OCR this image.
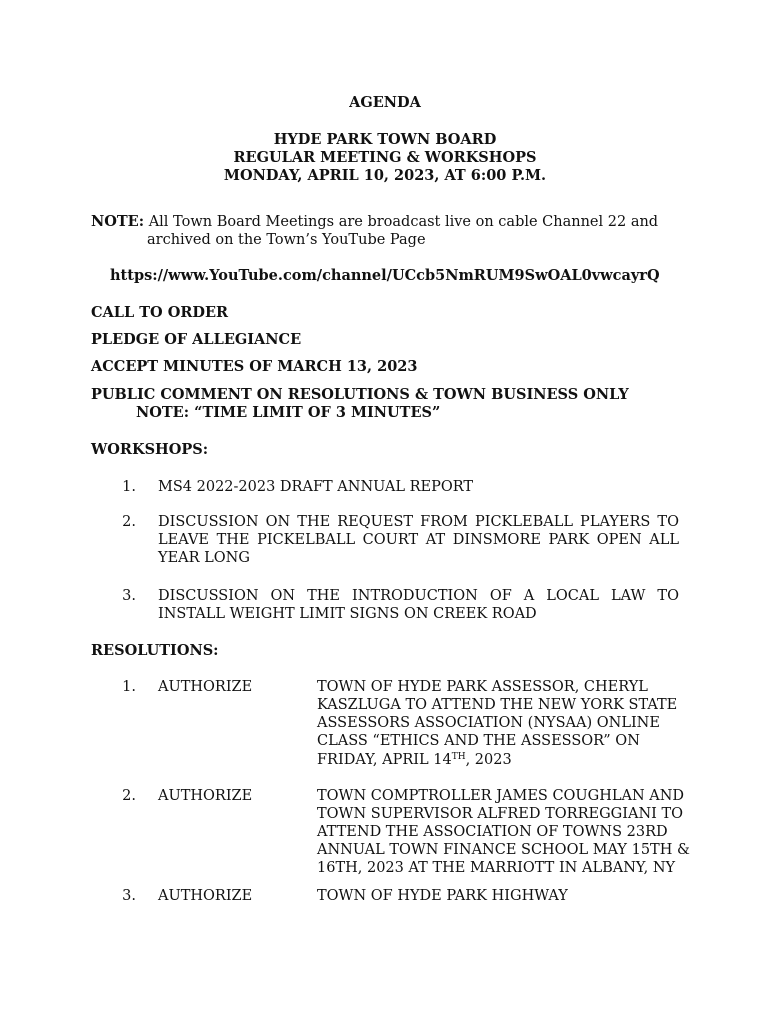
AGENDA
HYDE PARK TOWN BOARD
REGULAR MEETING & WORKSHOPS
MONDAY, APRIL 10, 2023, AT 6:00 P.M.
NOTE: All Town Board Meetings are broadcast live on cable Channel 22 and
archived on the Town’s YouTube Page
https://www.YouTube.com/channel/UCcb5NmRUM9SwOAL0vwcayrQ
CALL TO ORDER
PLEDGE OF ALLEGIANCE
ACCEPT MINUTES OF MARCH 13, 2023
PUBLIC COMMENT ON RESOLUTIONS & TOWN BUSINESS ONLY
NOTE: “TIME LIMIT OF 3 MINUTES”
WORKSHOPS:
1. MS4 2022-2023 DRAFT ANNUAL REPORT
2. DISCUSSION ON THE REQUEST FROM PICKLEBALL PLAYERS TO LEAVE THE PICKELBALL COURT AT DINSMORE PARK OPEN ALL YEAR LONG
3. DISCUSSION ON THE INTRODUCTION OF A LOCAL LAW TO INSTALL WEIGHT LIMIT SIGNS ON CREEK ROAD
RESOLUTIONS:
1. AUTHORIZE	TOWN OF HYDE PARK ASSESSOR, CHERYL
KASZLUGA TO ATTEND THE NEW YORK STATE
ASSESSORS ASSOCIATION (NYSAA) ONLINE
CLASS “ETHICS AND THE ASSESSOR” ON
FRIDAY, APRIL 14TH, 2023
2. AUTHORIZE	TOWN COMPTROLLER JAMES COUGHLAN AND
TOWN SUPERVISOR ALFRED TORREGGIANI TO
ATTEND THE ASSOCIATION OF TOWNS 23RD
ANNUAL TOWN FINANCE SCHOOL MAY 15TH &
16TH, 2023 AT THE MARRIOTT IN ALBANY, NY
3. AUTHORIZE	TOWN OF HYDE PARK HIGHWAY
